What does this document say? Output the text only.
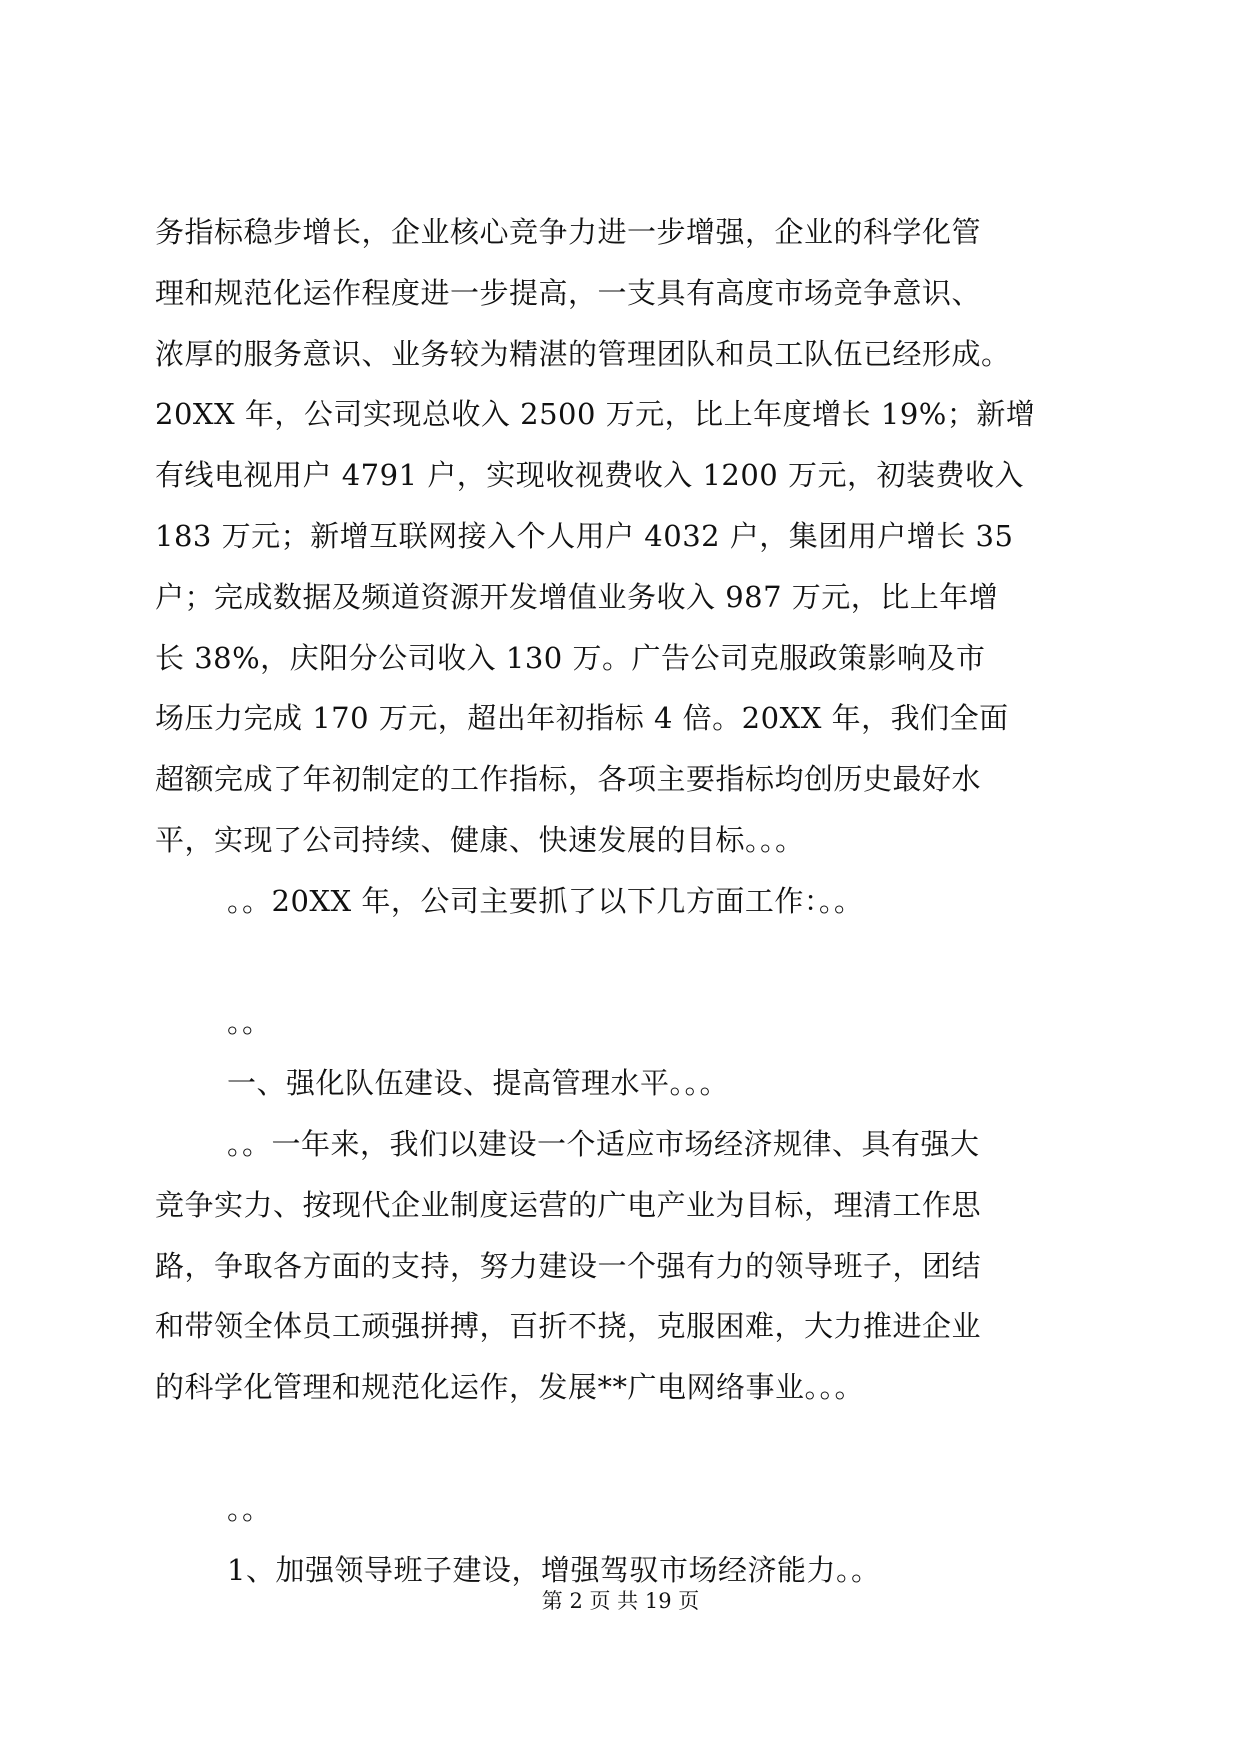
务指标稳步增长，企业核心竞争力进一步增强，企业的科学化管
理和规范化运作程度进一步提高，一支具有高度市场竞争意识、
浓厚的服务意识、业务较为精湛的管理团队和员工队伍已经形成。
20XX 年，公司实现总收入 2500 万元，比上年度增长 19%；新增
有线电视用户 4791 户，实现收视费收入 1200 万元，初装费收入
183 万元；新增互联网接入个人用户 4032 户，集团用户增长 35
户；完成数据及频道资源开发增值业务收入 987 万元，比上年增
长 38%，庆阳分公司收入 130 万。广告公司克服政策影响及市
场压力完成 170 万元，超出年初指标 4 倍。20XX 年，我们全面
超额完成了年初制定的工作指标，各项主要指标均创历史最好水
平，实现了公司持续、健康、快速发展的目标。。。
。。20XX 年，公司主要抓了以下几方面工作：。。
。。
一、强化队伍建设、提高管理水平。。。
。。一年来，我们以建设一个适应市场经济规律、具有强大
竞争实力、按现代企业制度运营的广电产业为目标，理清工作思
路，争取各方面的支持，努力建设一个强有力的领导班子，团结
和带领全体员工顽强拼搏，百折不挠，克服困难，大力推进企业
的科学化管理和规范化运作，发展**广电网络事业。。。
。。
1、加强领导班子建设，增强驾驭市场经济能力。。
第 2 页 共 19 页
